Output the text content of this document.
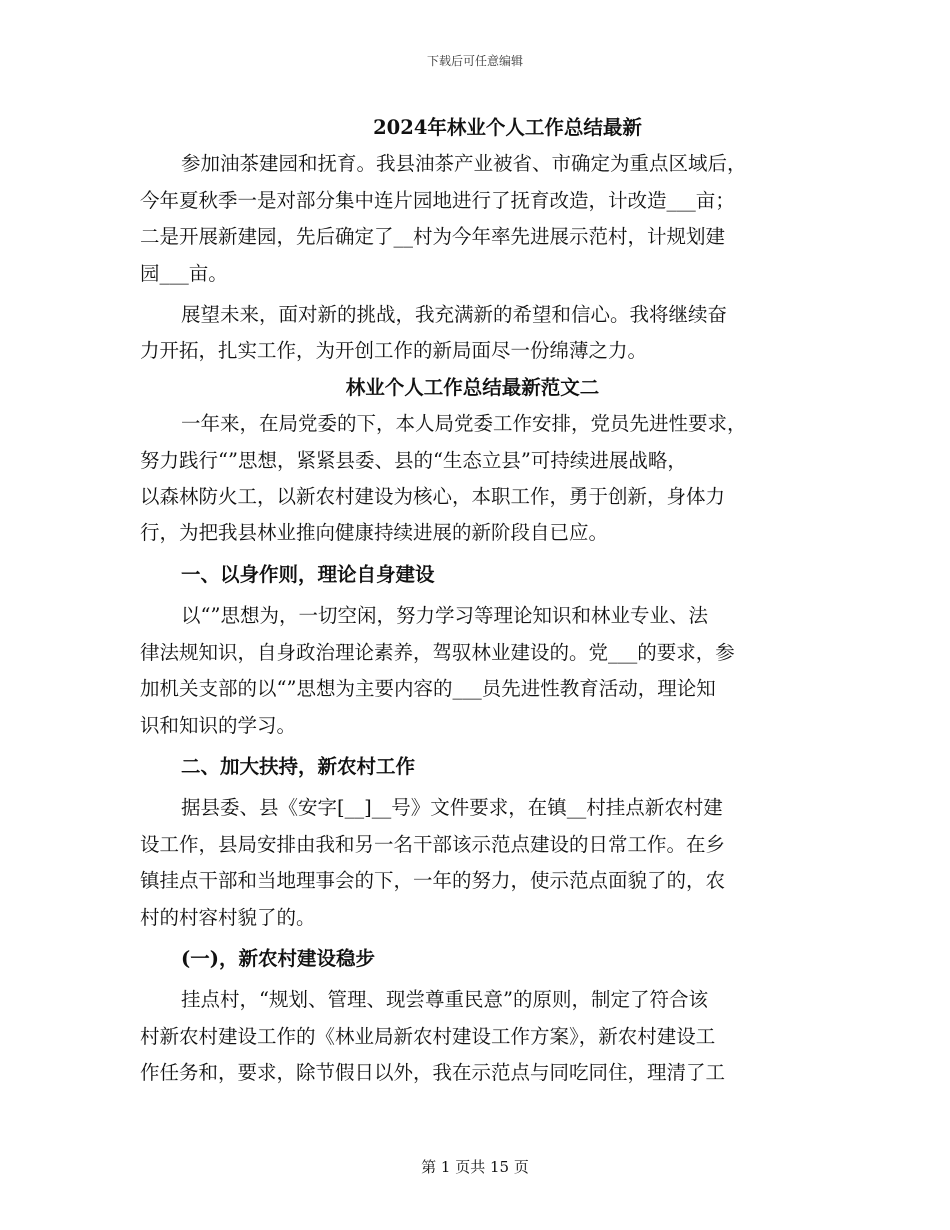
下载后可任意编辑

2024年林业个人工作总结最新

参加油茶建园和抚育。我县油茶产业被省、市确定为重点区域后，

今年夏秋季一是对部分集中连片园地进行了抚育改造，计改造___亩；

二是开展新建园，先后确定了__村为今年率先进展示范村，计规划建

园___亩。

展望未来，面对新的挑战，我充满新的希望和信心。我将继续奋

力开拓，扎实工作，为开创工作的新局面尽一份绵薄之力。

林业个人工作总结最新范文二

一年来，在局党委的下，本人局党委工作安排，党员先进性要求，

努力践行“”思想，紧紧县委、县的“生态立县”可持续进展战略，

以森林防火工，以新农村建设为核心，本职工作，勇于创新，身体力

行，为把我县林业推向健康持续进展的新阶段自已应。

一、以身作则，理论自身建设

以“”思想为，一切空闲，努力学习等理论知识和林业专业、法

律法规知识，自身政治理论素养，驾驭林业建设的。党___的要求，参

加机关支部的以“”思想为主要内容的___员先进性教育活动，理论知

识和知识的学习。

二、加大扶持，新农村工作

据县委、县《安字[__]__号》文件要求，在镇__村挂点新农村建

设工作，县局安排由我和另一名干部该示范点建设的日常工作。在乡

镇挂点干部和当地理事会的下，一年的努力，使示范点面貌了的，农

村的村容村貌了的。

(一)，新农村建设稳步

挂点村，“规划、管理、现尝尊重民意”的原则，制定了符合该

村新农村建设工作的《林业局新农村建设工作方案》，新农村建设工

作任务和，要求，除节假日以外，我在示范点与同吃同住，理清了工

第 1 页共 15 页
